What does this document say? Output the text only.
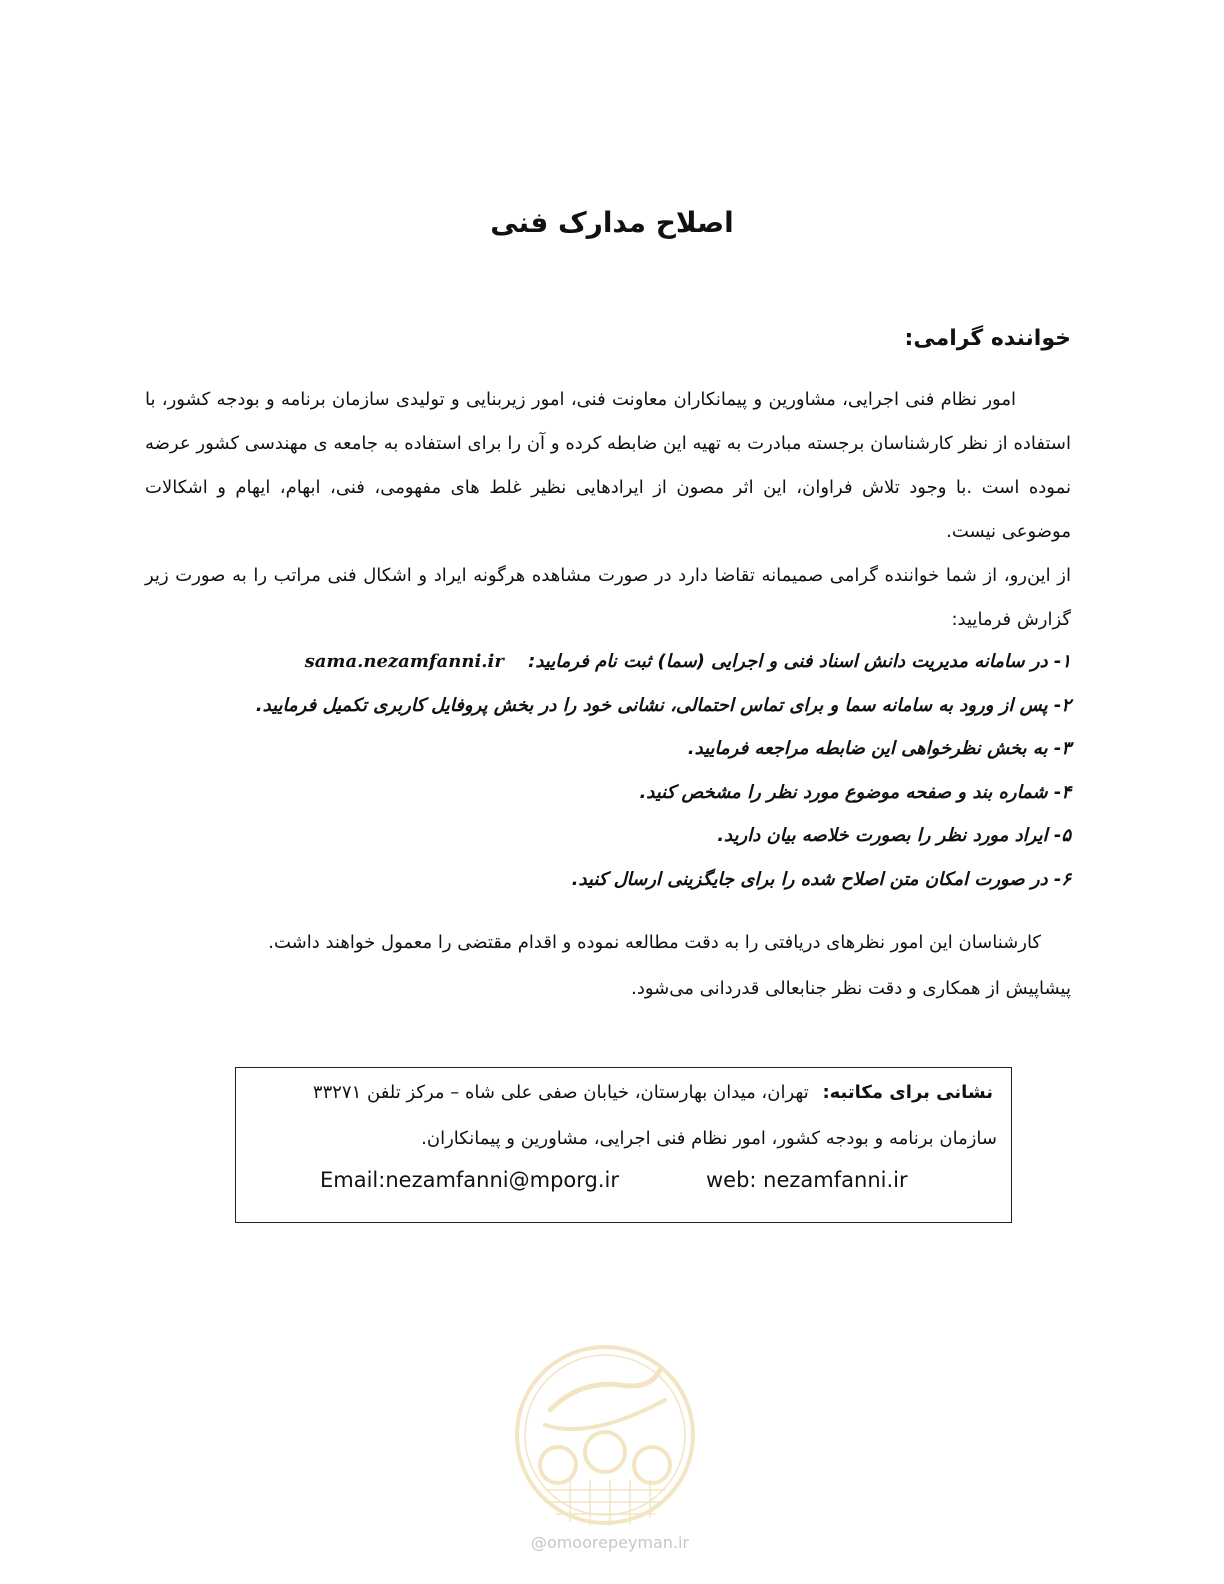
اصلاح مدارک فنی
خواننده گرامی:

امور نظام فنی اجرایی، مشاورین و پیمانکاران معاونت فنی، امور زیربنایی و تولیدی سازمان برنامه و بودجه کشور، با استفاده از نظر کارشناسان برجسته مبادرت به تهیه این ضابطه کرده و آن را برای استفاده به جامعه ی مهندسی کشور عرضه نموده است .با وجود تلاش فراوان، این اثر مصون از ایرادهایی نظیر غلط های مفهومی، فنی، ابهام، ایهام و اشکالات موضوعی نیست.

از این‌رو، از شما خواننده گرامی صمیمانه تقاضا دارد در صورت مشاهده هرگونه ایراد و اشکال فنی مراتب را به صورت زیر گزارش فرمایید:

۱- در سامانه مدیریت دانش اسناد فنی و اجرایی (سما) ثبت نام فرمایید: sama.nezamfanni.ir
۲- پس از ورود به سامانه سما و برای تماس احتمالی، نشانی خود را در بخش پروفایل کاربری تکمیل فرمایید.
۳- به بخش نظرخواهی این ضابطه مراجعه فرمایید.
۴- شماره بند و صفحه موضوع مورد نظر را مشخص کنید.
۵- ایراد مورد نظر را بصورت خلاصه بیان دارید.
۶- در صورت امکان متن اصلاح شده را برای جایگزینی ارسال کنید.

کارشناسان این امور نظرهای دریافتی را به دقت مطالعه نموده و اقدام مقتضی را معمول خواهند داشت.

پیشاپیش از همکاری و دقت نظر جنابعالی قدردانی می‌شود.

نشانی برای مکاتبه: تهران، میدان بهارستان، خیابان صفی علی شاه – مرکز تلفن ۳۳۲۷۱
سازمان برنامه و بودجه کشور، امور نظام فنی اجرایی، مشاورین و پیمانکاران.
Email:nezamfanni@mporg.ir	web: nezamfanni.ir
@omoorepeyman.ir
